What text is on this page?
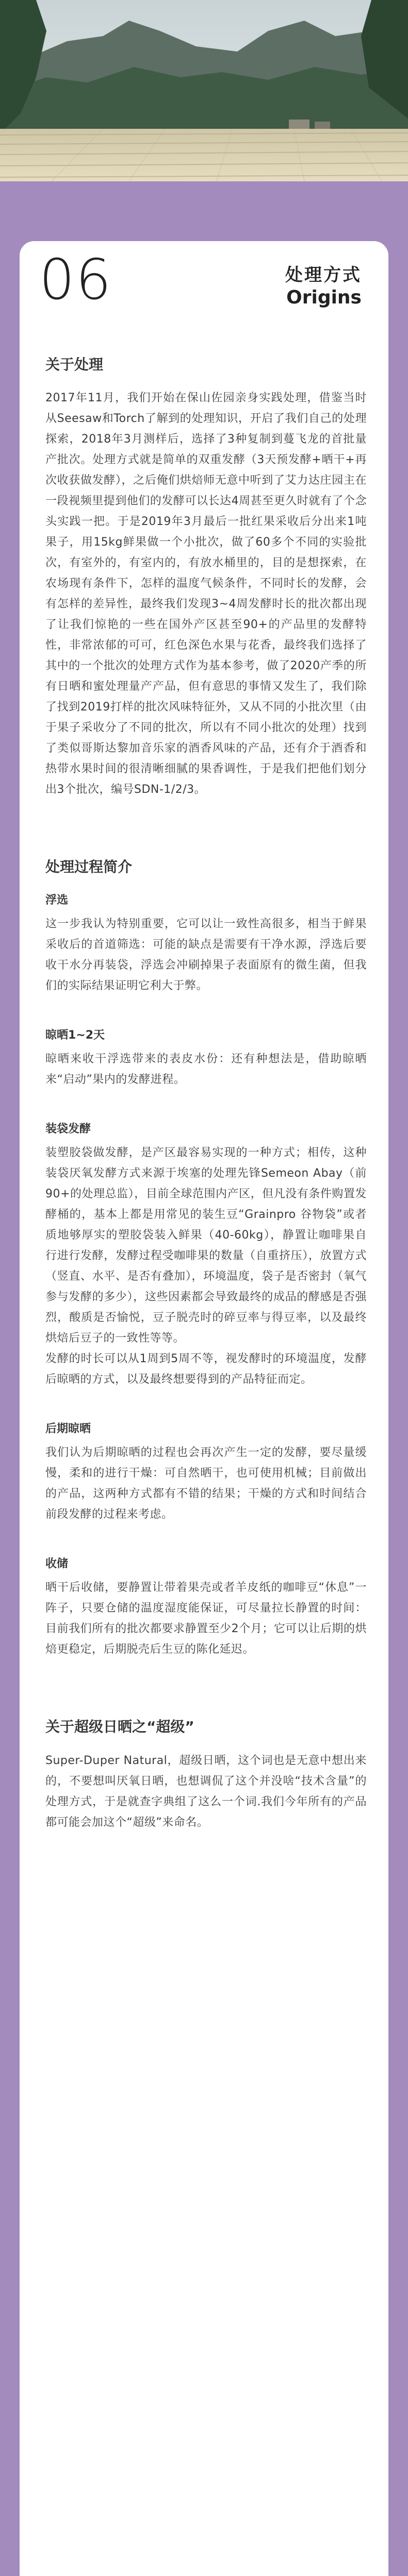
06	处理方式
Origins
关于处理

2017年11月，我们开始在保山佐园亲身实践处理，借鉴当时从Seesaw和Torch了解到的处理知识，开启了我们自己的处理探索，2018年3月测样后，选择了3种复制到蔓飞龙的首批量产批次。处理方式就是简单的双重发酵（3天预发酵+晒干+再次收获做发酵），之后俺们烘焙师无意中听到了艾力达庄园主在一段视频里提到他们的发酵可以长达4周甚至更久时就有了个念头实践一把。于是2019年3月最后一批红果采收后分出来1吨果子，用15kg鲜果做一个小批次，做了60多个不同的实验批次，有室外的，有室内的，有放水桶里的，目的是想探索，在农场现有条件下，怎样的温度气候条件，不同时长的发酵，会有怎样的差异性，最终我们发现3~4周发酵时长的批次都出现了让我们惊艳的一些在国外产区甚至90+的产品里的发酵特性，非常浓郁的可可，红色深色水果与花香，最终我们选择了其中的一个批次的处理方式作为基本参考，做了2020产季的所有日晒和蜜处理量产产品，但有意思的事情又发生了，我们除了找到2019打样的批次风味特征外，又从不同的小批次里（由于果子采收分了不同的批次，所以有不同小批次的处理）找到了类似哥斯达黎加音乐家的酒香风味的产品，还有介于酒香和热带水果时间的很清晰细腻的果香调性，于是我们把他们划分出3个批次，编号SDN-1/2/3。

处理过程简介
浮选

这一步我认为特别重要，它可以让一致性高很多，相当于鲜果采收后的首道筛选：可能的缺点是需要有干净水源，浮选后要收干水分再装袋，浮选会冲刷掉果子表面原有的微生菌，但我们的实际结果证明它利大于弊。

晾晒1~2天

晾晒来收干浮选带来的表皮水份：还有种想法是，借助晾晒来“启动”果内的发酵进程。

装袋发酵

装塑胶袋做发酵，是产区最容易实现的一种方式；相传，这种装袋厌氧发酵方式来源于埃塞的处理先锋Semeon Abay（前90+的处理总监），目前全球范围内产区，但凡没有条件购置发酵桶的，基本上都是用常见的装生豆“Grainpro 谷物袋”或者质地够厚实的塑胶袋装入鲜果（40-60kg），静置让咖啡果自行进行发酵，发酵过程受咖啡果的数量（自重挤压），放置方式（竖直、水平、是否有叠加），环境温度，袋子是否密封（氧气参与发酵的多少），这些因素都会导致最终的成品的酵感是否强烈，酸质是否愉悦，豆子脱壳时的碎豆率与得豆率，以及最终烘焙后豆子的一致性等等。
发酵的时长可以从1周到5周不等，视发酵时的环境温度，发酵后晾晒的方式，以及最终想要得到的产品特征而定。

后期晾晒

我们认为后期晾晒的过程也会再次产生一定的发酵，要尽量缓慢，柔和的进行干燥：可自然晒干，也可使用机械；目前做出的产品，这两种方式都有不错的结果；干燥的方式和时间结合前段发酵的过程来考虑。

收储

晒干后收储，要静置让带着果壳或者羊皮纸的咖啡豆“休息”一阵子，只要仓储的温度湿度能保证，可尽量拉长静置的时间：目前我们所有的批次都要求静置至少2个月；它可以让后期的烘焙更稳定，后期脱壳后生豆的陈化延迟。

关于超级日晒之“超级”

Super-Duper Natural，超级日晒，这个词也是无意中想出来的，不要想叫厌氧日晒，也想调侃了这个并没啥“技术含量”的处理方式，于是就查字典组了这么一个词.我们今年所有的产品都可能会加这个“超级”来命名。
